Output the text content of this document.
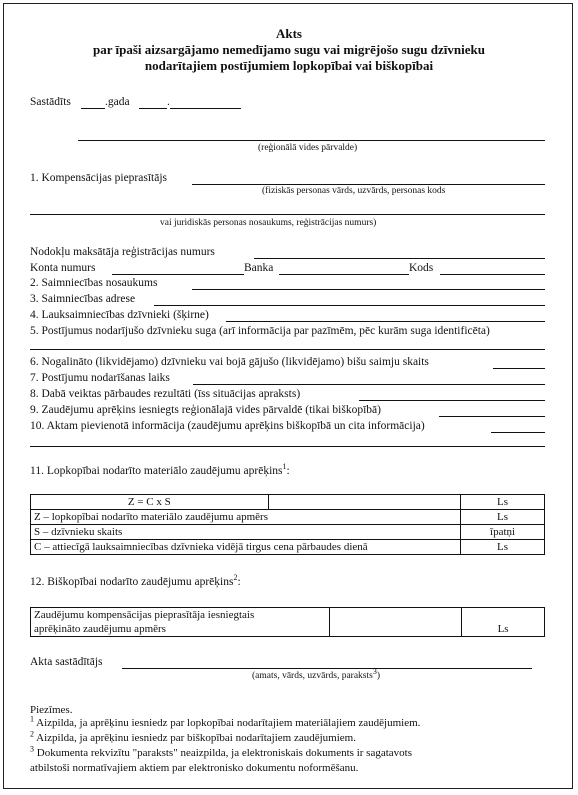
Akts
par īpaši aizsargājamo nemedījamo sugu vai migrējošo sugu dzīvnieku
nodarītajiem postījumiem lopkopībai vai biškopībai
Sastādīts	.gada	.
(reģionālā vides pārvalde)
1. Kompensācijas pieprasītājs
(fiziskās personas vārds, uzvārds, personas kods
vai juridiskās personas nosaukums, reģistrācijas numurs)
Nodokļu maksātāja reģistrācijas numurs
Konta numurs	Banka	Kods
2. Saimniecības nosaukums
3. Saimniecības adrese
4. Lauksaimniecības dzīvnieki (šķirne)
5. Postījumus nodarījušo dzīvnieku suga (arī informācija par pazīmēm, pēc kurām suga identificēta)
6. Nogalināto (likvidējamo) dzīvnieku vai bojā gājušo (likvidējamo) bišu saimju skaits
7. Postījumu nodarīšanas laiks
8. Dabā veiktas pārbaudes rezultāti (īss situācijas apraksts)
9. Zaudējumu aprēķins iesniegts reģionālajā vides pārvaldē (tikai biškopībā)
10. Aktam pievienotā informācija (zaudējumu aprēķins biškopībā un cita informācija)
11. Lopkopībai nodarīto materiālo zaudējumu aprēķins$^1$:
Z = C x S		Ls
Z – lopkopībai nodarīto materiālo zaudējumu apmērs		Ls
S – dzīvnieku skaits		īpatņi
C – attiecīgā lauksaimniecības dzīvnieka vidējā tirgus cena pārbaudes dienā		Ls
12. Biškopībai nodarīto zaudējumu aprēķins$^2$:
Zaudējumu kompensācijas pieprasītāja iesniegtais
aprēķināto zaudējumu apmērs		Ls
Akta sastādītājs
(amats, vārds, uzvārds, paraksts$^3$)
Piezīmes.
$^1$ Aizpilda, ja aprēķinu iesniedz par lopkopībai nodarītajiem materiālajiem zaudējumiem.
$^2$ Aizpilda, ja aprēķinu iesniedz par biškopībai nodarītajiem zaudējumiem.
$^3$ Dokumenta rekvizītu "paraksts" neaizpilda, ja elektroniskais dokuments ir sagatavots
atbilstoši normatīvajiem aktiem par elektronisko dokumentu noformēšanu.
